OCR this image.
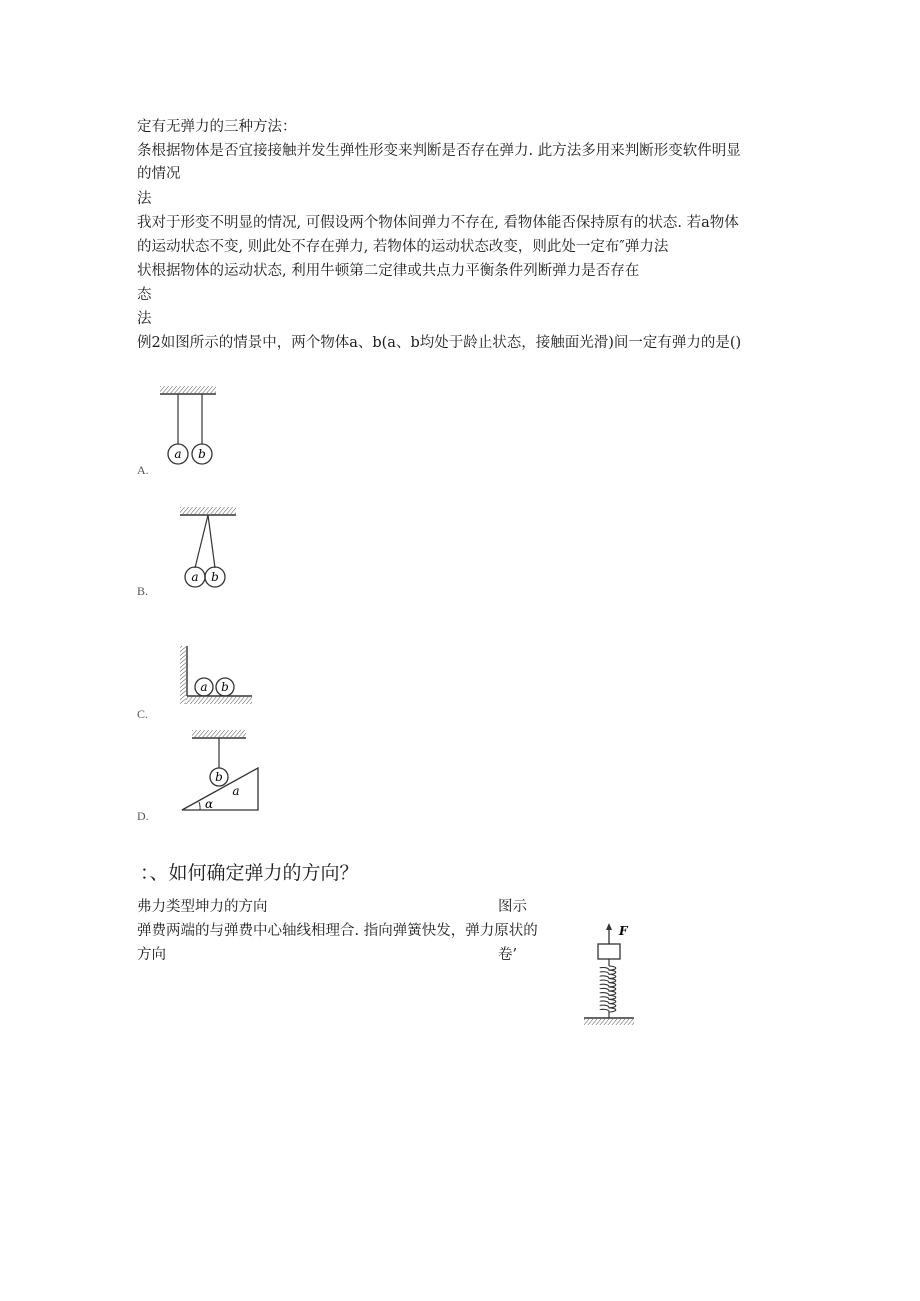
定有无弹力的三种方法：
条根据物体是否宜接接触并发生弹性形变来判断是否存在弹力. 此方法多用来判断形变软件明显
的情况
法
我对于形变不明显的情况, 可假设两个物体间弹力不存在, 看物体能否保持原有的状态. 若a物体
的运动状态不变, 则此处不存在弹力, 若物体的运动状态改变，则此处一定布″弹力法
状根据物体的运动状态, 利用牛顿第二定律或共点力平衡条件列断弹力是否存在
态
法
例2如图所示的情景中，两个物体a、b(a、b均处于龄止状态，接触面光滑)间一定有弹力的是()
a b
A.
a b
B.
a b
C.
b
a
α
D.
：、如何确定弹力的方向？
弗力类型坤力的方向	图示
弹费两端的与弹费中心轴线相理合. 指向弹簧快发，弹力原状的
方向	卷’
F
